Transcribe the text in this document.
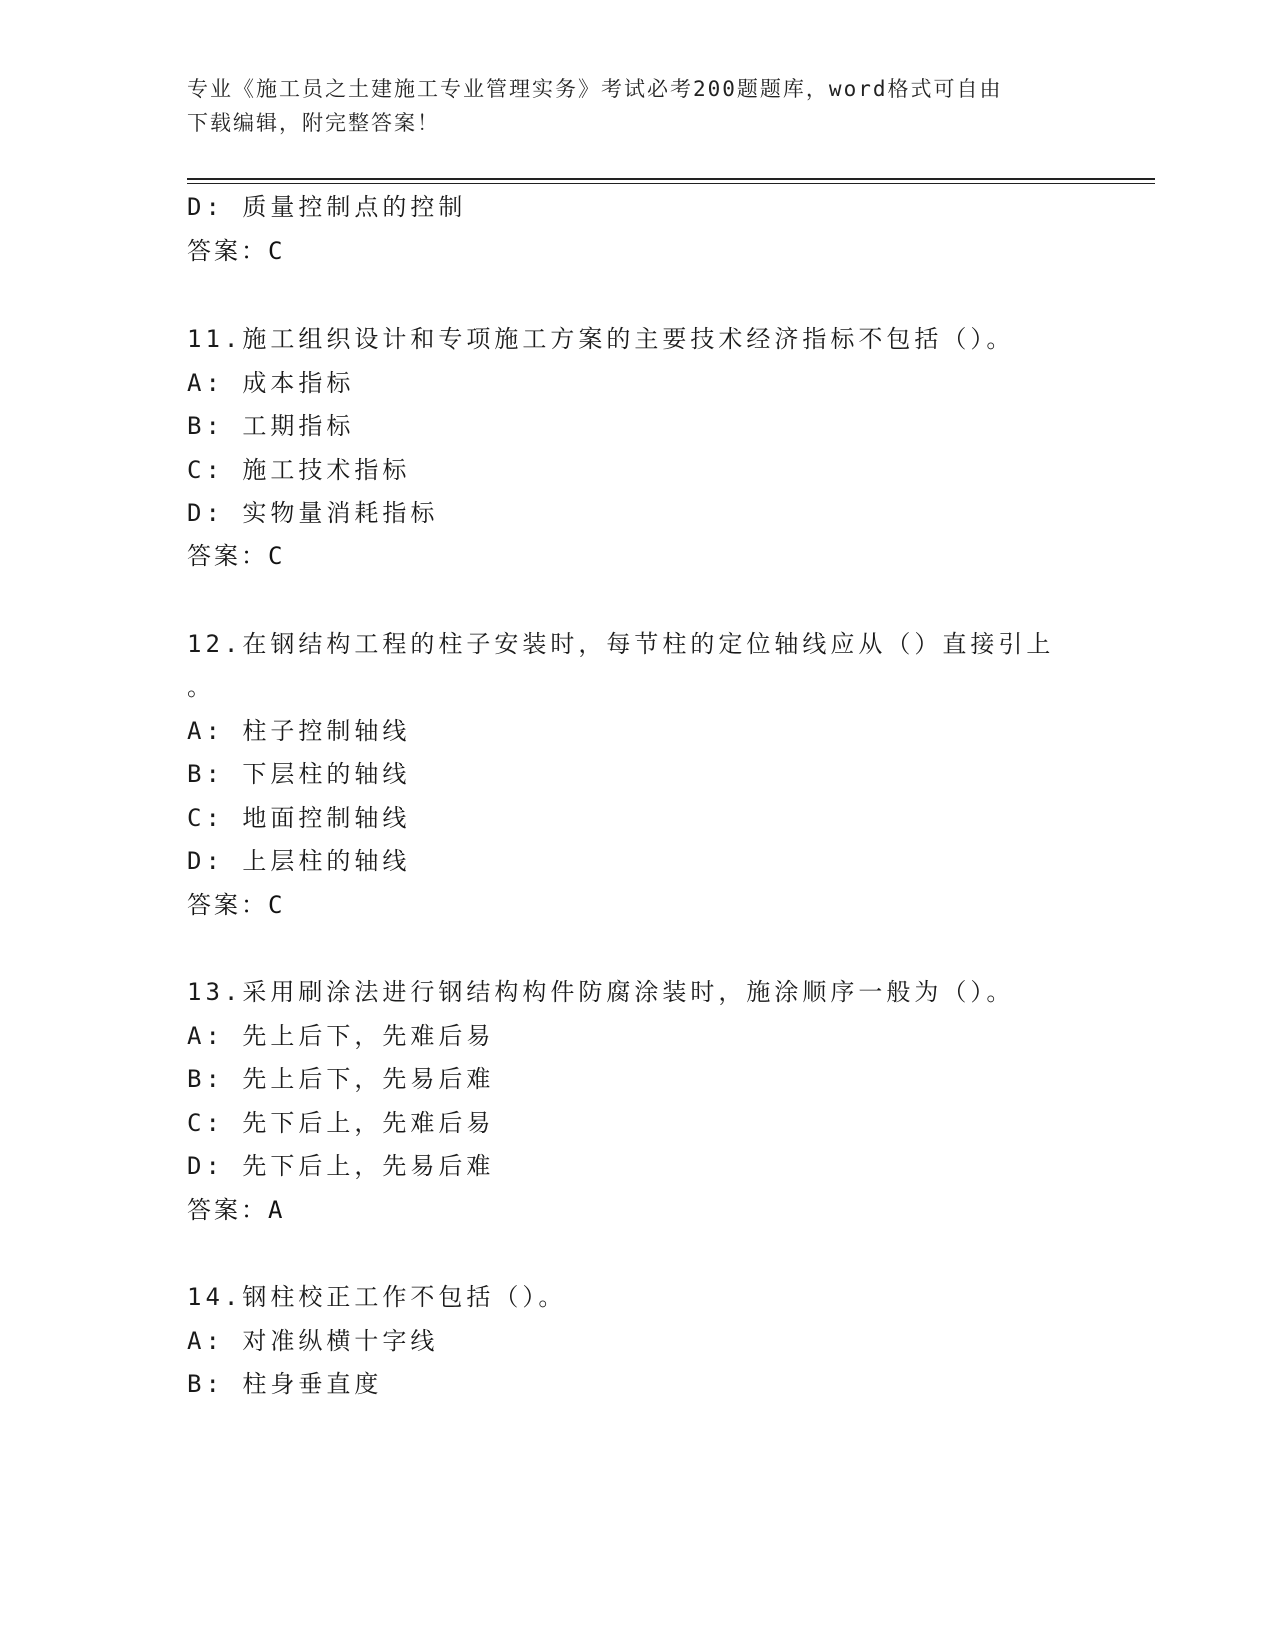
专业《施工员之土建施工专业管理实务》考试必考200题题库，word格式可自由
下载编辑，附完整答案！
D: 质量控制点的控制
答案：C
11.施工组织设计和专项施工方案的主要技术经济指标不包括（）。
A: 成本指标
B: 工期指标
C: 施工技术指标
D: 实物量消耗指标
答案：C
12.在钢结构工程的柱子安装时，每节柱的定位轴线应从（）直接引上
。
A: 柱子控制轴线
B: 下层柱的轴线
C: 地面控制轴线
D: 上层柱的轴线
答案：C
13.采用刷涂法进行钢结构构件防腐涂装时，施涂顺序一般为（）。
A: 先上后下，先难后易
B: 先上后下，先易后难
C: 先下后上，先难后易
D: 先下后上，先易后难
答案：A
14.钢柱校正工作不包括（）。
A: 对准纵横十字线
B: 柱身垂直度
